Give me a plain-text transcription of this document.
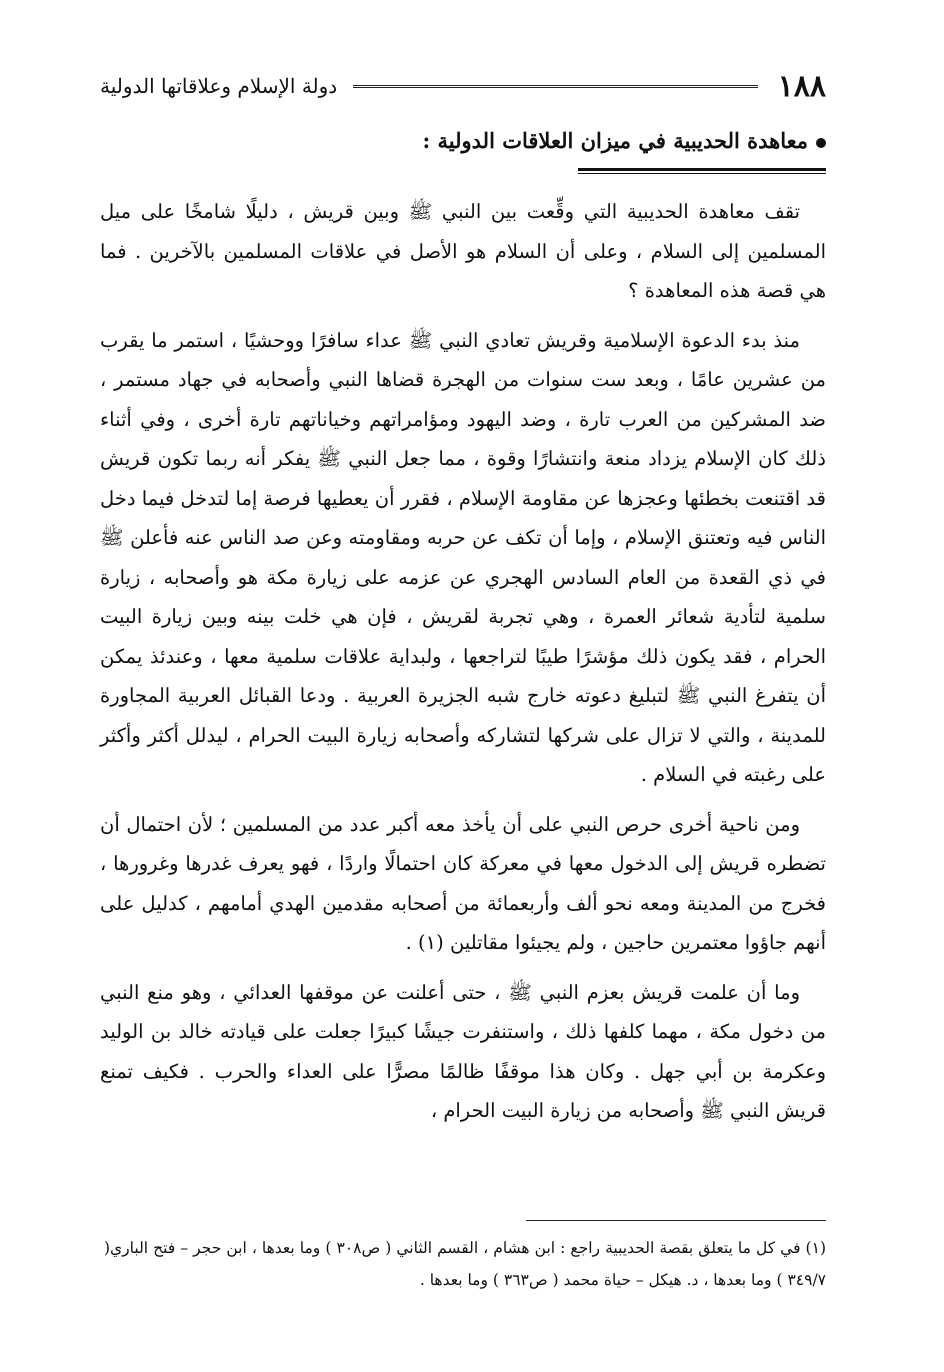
١٨٨
دولة الإسلام وعلاقاتها الدولية
معاهدة الحديبية في ميزان العلاقات الدولية :

تقف معاهدة الحديبية التي وقِّعت بين النبي ﷺ وبين قريش ، دليلًا شامخًا على ميل المسلمين إلى السلام ، وعلى أن السلام هو الأصل في علاقات المسلمين بالآخرين . فما هي قصة هذه المعاهدة ؟

منذ بدء الدعوة الإسلامية وقريش تعادي النبي ﷺ عداء سافرًا ووحشيًا ، استمر ما يقرب من عشرين عامًا ، وبعد ست سنوات من الهجرة قضاها النبي وأصحابه في جهاد مستمر ، ضد المشركين من العرب تارة ، وضد اليهود ومؤامراتهم وخياناتهم تارة أخرى ، وفي أثناء ذلك كان الإسلام يزداد منعة وانتشارًا وقوة ، مما جعل النبي ﷺ يفكر أنه ربما تكون قريش قد اقتنعت بخطئها وعجزها عن مقاومة الإسلام ، فقرر أن يعطيها فرصة إما لتدخل فيما دخل الناس فيه وتعتنق الإسلام ، وإما أن تكف عن حربه ومقاومته وعن صد الناس عنه فأعلن ﷺ في ذي القعدة من العام السادس الهجري عن عزمه على زيارة مكة هو وأصحابه ، زيارة سلمية لتأدية شعائر العمرة ، وهي تجربة لقريش ، فإن هي خلت بينه وبين زيارة البيت الحرام ، فقد يكون ذلك مؤشرًا طيبًا لتراجعها ، ولبداية علاقات سلمية معها ، وعندئذ يمكن أن يتفرغ النبي ﷺ لتبليغ دعوته خارج شبه الجزيرة العربية . ودعا القبائل العربية المجاورة للمدينة ، والتي لا تزال على شركها لتشاركه وأصحابه زيارة البيت الحرام ، ليدلل أكثر وأكثر على رغبته في السلام .

ومن ناحية أخرى حرص النبي على أن يأخذ معه أكبر عدد من المسلمين ؛ لأن احتمال أن تضطره قريش إلى الدخول معها في معركة كان احتمالًا واردًا ، فهو يعرف غدرها وغرورها ، فخرج من المدينة ومعه نحو ألف وأربعمائة من أصحابه مقدمين الهدي أمامهم ، كدليل على أنهم جاؤوا معتمرين حاجين ، ولم يجيئوا مقاتلين (١) .

وما أن علمت قريش بعزم النبي ﷺ ، حتى أعلنت عن موقفها العدائي ، وهو منع النبي من دخول مكة ، مهما كلفها ذلك ، واستنفرت جيشًا كبيرًا جعلت على قيادته خالد بن الوليد وعكرمة بن أبي جهل . وكان هذا موقفًا ظالمًا مصرًّا على العداء والحرب . فكيف تمنع قريش النبي ﷺ وأصحابه من زيارة البيت الحرام ،

(١) في كل ما يتعلق بقصة الحديبية راجع : ابن هشام ، القسم الثاني ( ص٣٠٨ ) وما بعدها ، ابن حجر – فتح الباري( ٣٤٩/٧ ) وما بعدها ، د. هيكل – حياة محمد ( ص٣٦٣ ) وما بعدها .
